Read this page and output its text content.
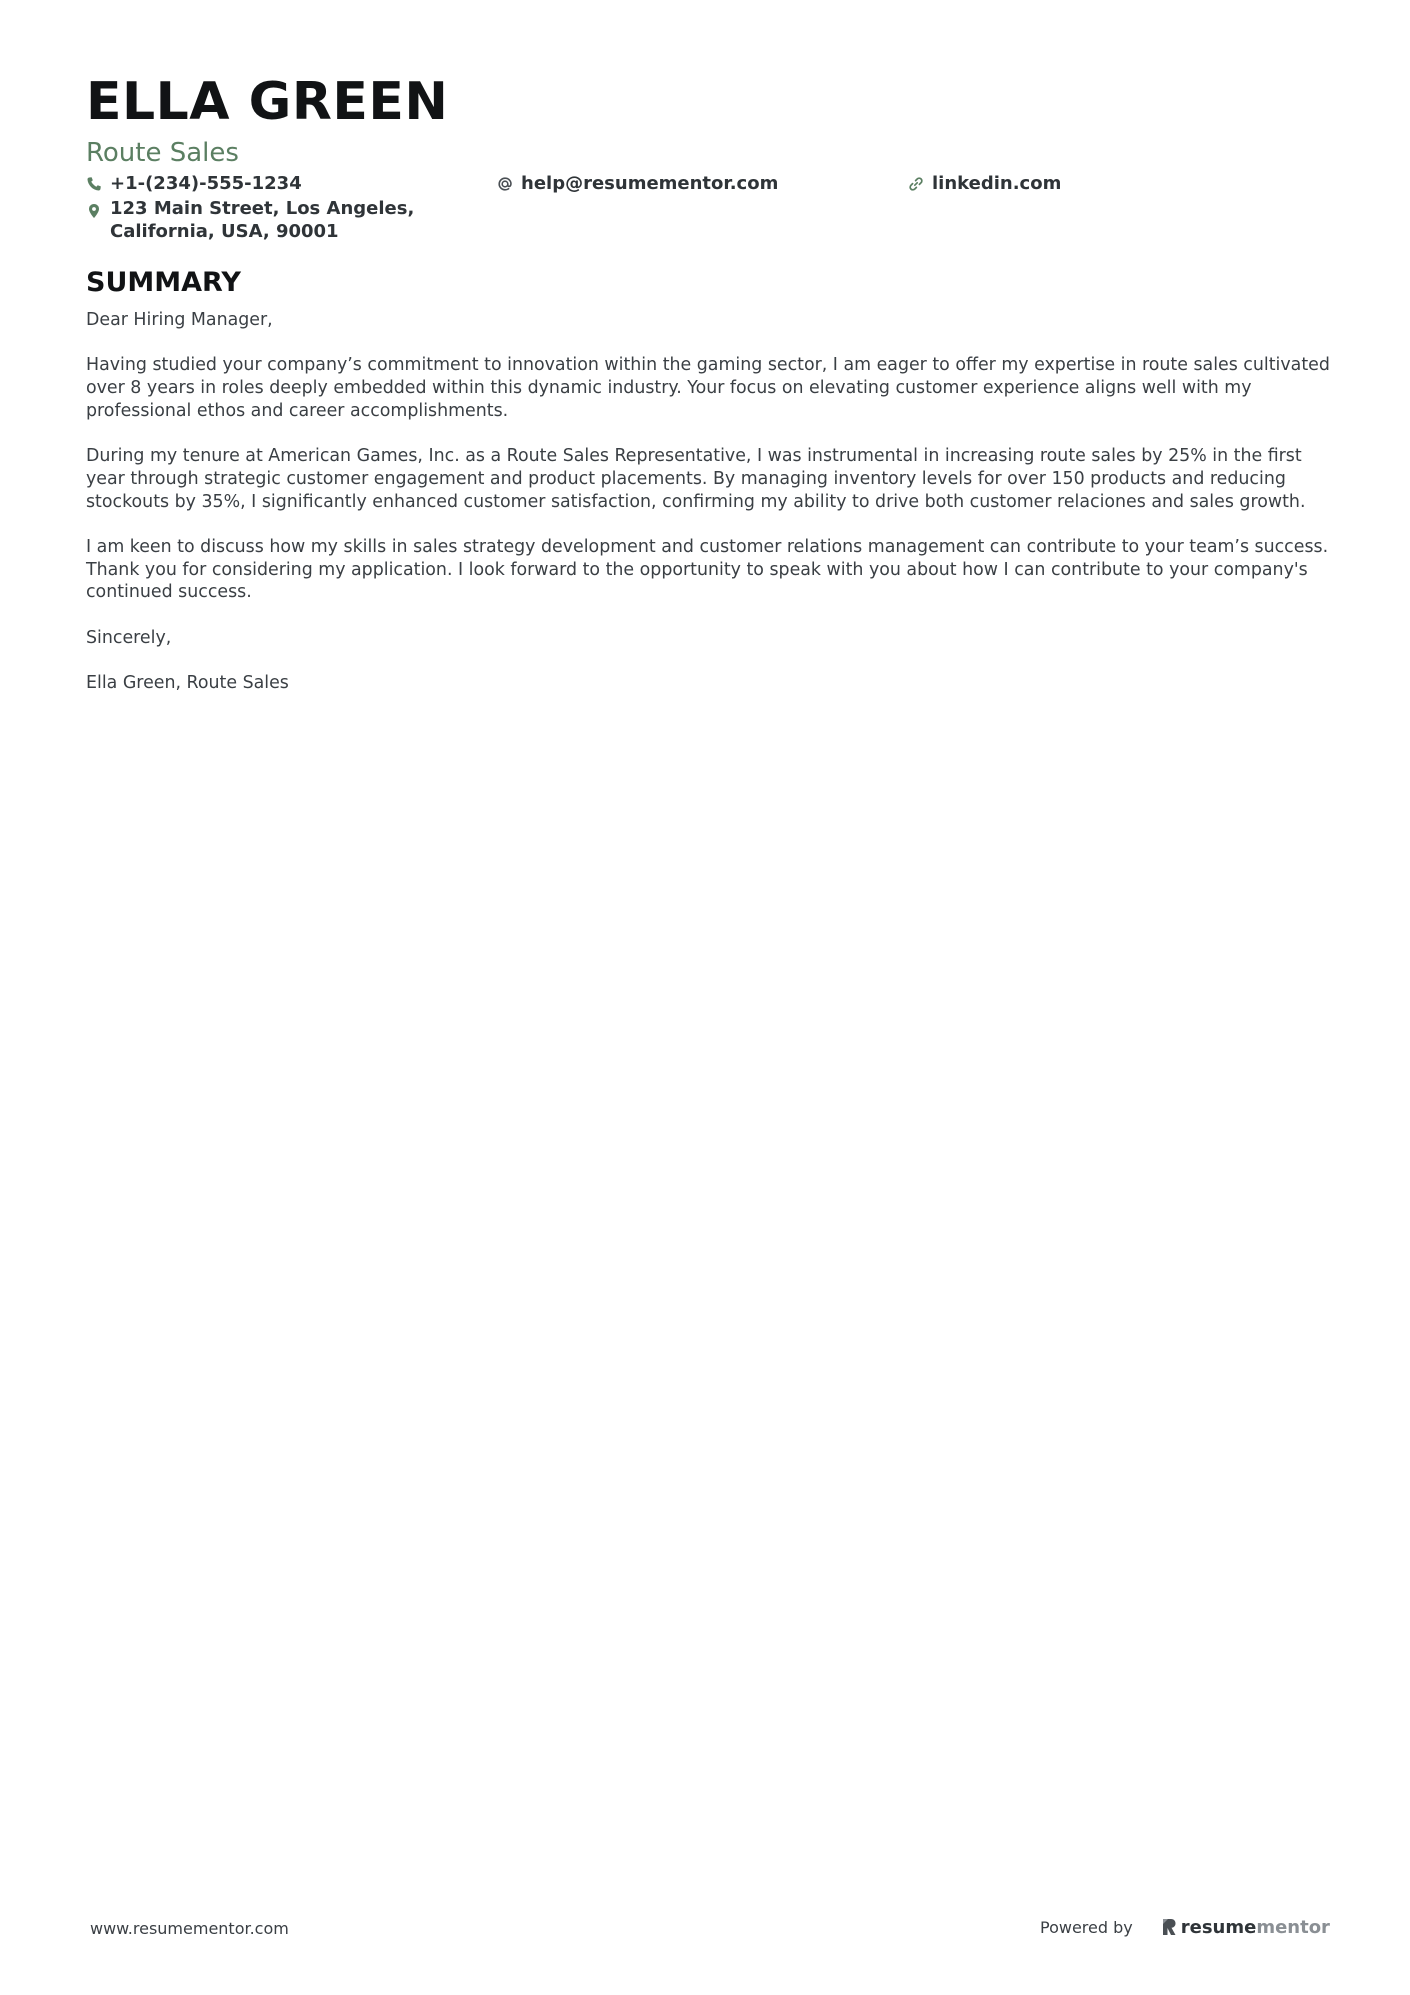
ELLA GREEN
Route Sales
+1-(234)-555-1234	help@resumementor.com	linkedin.com
123 Main Street, Los Angeles, California, USA, 90001
SUMMARY

Dear Hiring Manager,

Having studied your company’s commitment to innovation within the gaming sector, I am eager to offer my expertise in route sales cultivated over 8 years in roles deeply embedded within this dynamic industry. Your focus on elevating customer experience aligns well with my professional ethos and career accomplishments.

During my tenure at American Games, Inc. as a Route Sales Representative, I was instrumental in increasing route sales by 25% in the first year through strategic customer engagement and product placements. By managing inventory levels for over 150 products and reducing stockouts by 35%, I significantly enhanced customer satisfaction, confirming my ability to drive both customer relaciones and sales growth.

I am keen to discuss how my skills in sales strategy development and customer relations management can contribute to your team’s success. Thank you for considering my application. I look forward to the opportunity to speak with you about how I can contribute to your company's continued success.

Sincerely,

Ella Green, Route Sales

www.resumementor.com	Powered by	resume mentor
